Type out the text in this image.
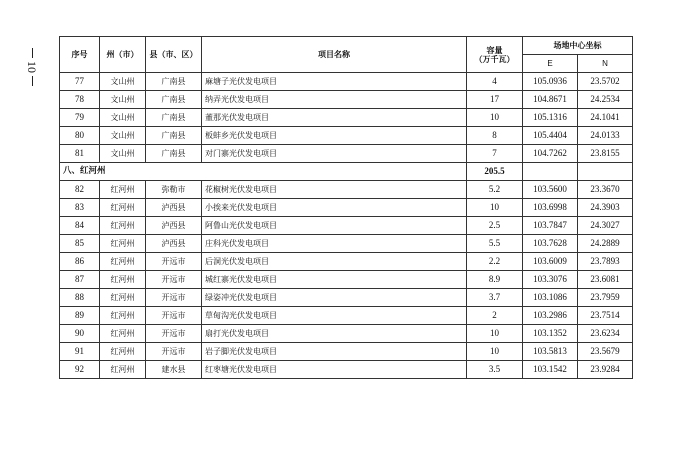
10
序号	州（市）	县（市、区）	项目名称	容量
（万千瓦）	场地中心坐标	
					E	N
77	文山州	广南县	麻塘子光伏发电项目	4	105.0936	23.5702
78	文山州	广南县	纳弄光伏发电项目	17	104.8671	24.2534
79	文山州	广南县	董那光伏发电项目	10	105.1316	24.1041
80	文山州	广南县	板蚌乡光伏发电项目	8	105.4404	24.0133
81	文山州	广南县	对门寨光伏发电项目	7	104.7262	23.8155
八、红河州				205.5		
82	红河州	弥勒市	花椒树光伏发电项目	5.2	103.5600	23.3670
83	红河州	泸西县	小挨来光伏发电项目	10	103.6998	24.3903
84	红河州	泸西县	阿鲁山光伏发电项目	2.5	103.7847	24.3027
85	红河州	泸西县	庄科光伏发电项目	5.5	103.7628	24.2889
86	红河州	开远市	后洞光伏发电项目	2.2	103.6009	23.7893
87	红河州	开远市	城红寨光伏发电项目	8.9	103.3076	23.6081
88	红河州	开远市	绿姿冲光伏发电项目	3.7	103.1086	23.7959
89	红河州	开远市	草甸沟光伏发电项目	2	103.2986	23.7514
90	红河州	开远市	扇打光伏发电项目	10	103.1352	23.6234
91	红河州	开远市	岩子脚光伏发电项目	10	103.5813	23.5679
92	红河州	建水县	红枣塘光伏发电项目	3.5	103.1542	23.9284
